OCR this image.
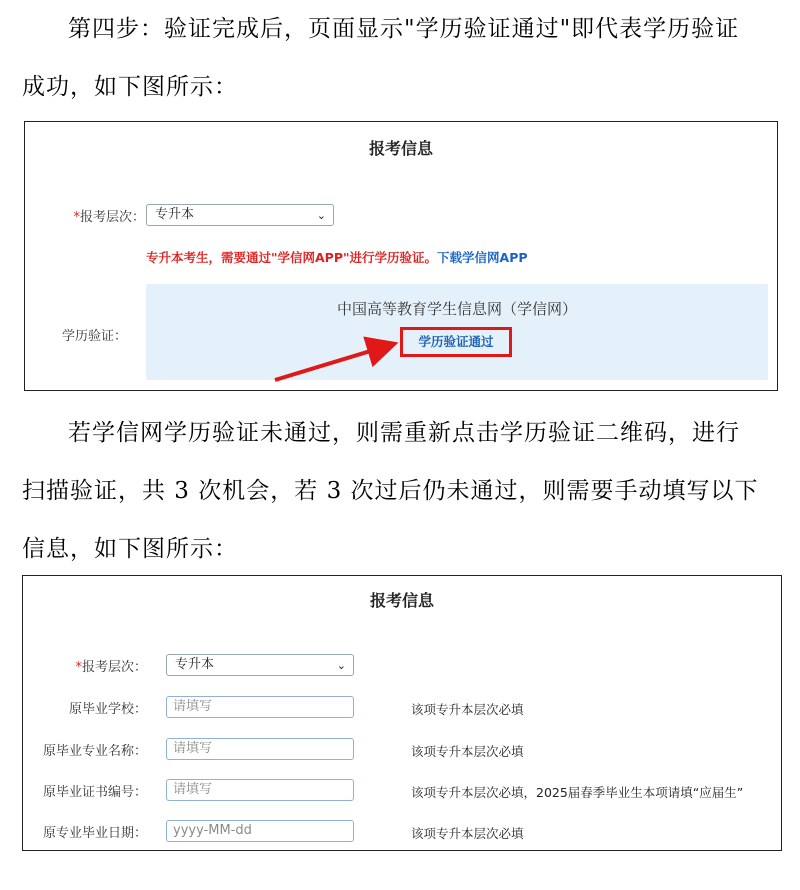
第四步：验证完成后，页面显示"学历验证通过"即代表学历验证
成功，如下图所示：
报考信息
*报考层次： 专升本	⌄
专升本考生，需要通过"学信网APP"进行学历验证。下载学信网APP
学历验证：
中国高等教育学生信息网（学信网）
学历验证通过
若学信网学历验证未通过，则需重新点击学历验证二维码，进行
扫描验证，共 3 次机会，若 3 次过后仍未通过，则需要手动填写以下
信息，如下图所示：
报考信息
*报考层次：	专升本	⌄
原毕业学校：	请填写	该项专升本层次必填
原毕业专业名称：	请填写	该项专升本层次必填
原毕业证书编号：	请填写	该项专升本层次必填，2025届春季毕业生本项请填“应届生”
原专业毕业日期：	yyyy-MM-dd	该项专升本层次必填
